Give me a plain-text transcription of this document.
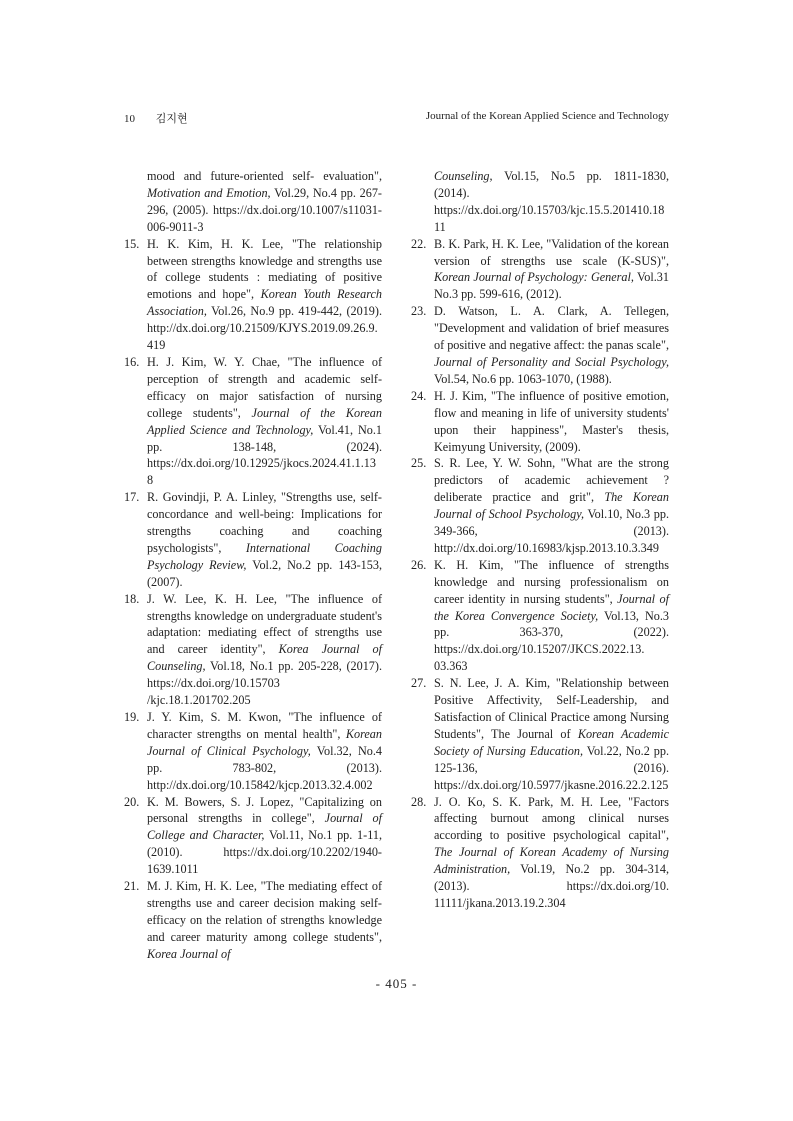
10 김지현	Journal of the Korean Applied Science and Technology
mood and future-oriented self- evaluation", Motivation and Emotion, Vol.29, No.4 pp. 267-296, (2005). https://dx.doi.org/10.1007/s11031-006-9011-3
15. H. K. Kim, H. K. Lee, "The relationship between strengths knowledge and strengths use of college students : mediating of positive emotions and hope", Korean Youth Research Association, Vol.26, No.9 pp. 419-442, (2019). http://dx.doi.org/10.21509/KJYS.2019.09.26.9.419
16. H. J. Kim, W. Y. Chae, "The influence of perception of strength and academic self-efficacy on major satisfaction of nursing college students", Journal of the Korean Applied Science and Technology, Vol.41, No.1 pp. 138-148, (2024). https://dx.doi.org/10.12925/jkocs.2024.41.1.138
17. R. Govindji, P. A. Linley, "Strengths use, self-concordance and well-being: Implications for strengths coaching and coaching psychologists", International Coaching Psychology Review, Vol.2, No.2 pp. 143-153, (2007).
18. J. W. Lee, K. H. Lee, "The influence of strengths knowledge on undergraduate student's adaptation: mediating effect of strengths use and career identity", Korea Journal of Counseling, Vol.18, No.1 pp. 205-228, (2017). https://dx.doi.org/10.15703 /kjc.18.1.201702.205
19. J. Y. Kim, S. M. Kwon, "The influence of character strengths on mental health", Korean Journal of Clinical Psychology, Vol.32, No.4 pp. 783-802, (2013). http://dx.doi.org/10.15842/kjcp.2013.32.4.002
20. K. M. Bowers, S. J. Lopez, "Capitalizing on personal strengths in college", Journal of College and Character, Vol.11, No.1 pp. 1-11, (2010). https://dx.doi.org/10.2202/1940-1639.1011
21. M. J. Kim, H. K. Lee, "The mediating effect of strengths use and career decision making self-efficacy on the relation of strengths knowledge and career maturity among college students", Korea Journal of
Counseling, Vol.15, No.5 pp. 1811-1830, (2014). https://dx.doi.org/10.15703/kjc.15.5.201410.1811
22. B. K. Park, H. K. Lee, "Validation of the korean version of strengths use scale (K-SUS)", Korean Journal of Psychology: General, Vol.31 No.3 pp. 599-616, (2012).
23. D. Watson, L. A. Clark, A. Tellegen, "Development and validation of brief measures of positive and negative affect: the panas scale", Journal of Personality and Social Psychology, Vol.54, No.6 pp. 1063-1070, (1988).
24. H. J. Kim, "The influence of positive emotion, flow and meaning in life of university students' upon their happiness", Master's thesis, Keimyung University, (2009).
25. S. R. Lee, Y. W. Sohn, "What are the strong predictors of academic achievement ? deliberate practice and grit", The Korean Journal of School Psychology, Vol.10, No.3 pp. 349-366, (2013). http://dx.doi.org/10.16983/kjsp.2013.10.3.349
26. K. H. Kim, "The influence of strengths knowledge and nursing professionalism on career identity in nursing students", Journal of the Korea Convergence Society, Vol.13, No.3 pp. 363-370, (2022). https://dx.doi.org/10.15207/JKCS.2022.13. 03.363
27. S. N. Lee, J. A. Kim, "Relationship between Positive Affectivity, Self-Leadership, and Satisfaction of Clinical Practice among Nursing Students", The Journal of Korean Academic Society of Nursing Education, Vol.22, No.2 pp. 125-136, (2016). https://dx.doi.org/10.5977/jkasne.2016.22.2.125
28. J. O. Ko, S. K. Park, M. H. Lee, "Factors affecting burnout among clinical nurses according to positive psychological capital", The Journal of Korean Academy of Nursing Administration, Vol.19, No.2 pp. 304-314, (2013). https://dx.doi.org/10. 11111/jkana.2013.19.2.304
- 405 -
